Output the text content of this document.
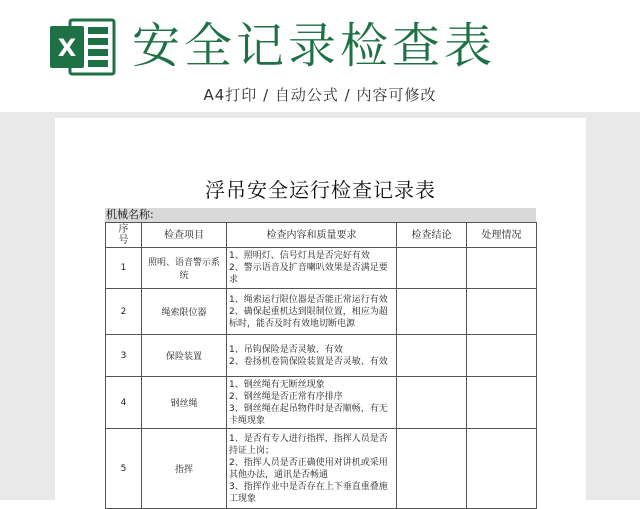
X 安全记录检查表
A4打印 / 自动公式 / 内容可修改
浮吊安全运行检查记录表
机械名称:
序号	检查项目	检查内容和质量要求	检查结论	处理情况
1	照明、语音警示系统	1、照明灯、信号灯具是否完好有效
2、警示语音及扩音喇叭效果是否满足要求		

2	绳索限位器	1、绳索运行限位器是否能正常运行有效
2、确保起重机达到限制位置，相应为超标时，能否及时有效地切断电源		

3	保险装置	1、吊钩保险是否灵敏、有效
2、卷扬机卷筒保险装置是否灵敏、有效		

4	钢丝绳	1、钢丝绳有无断丝现象
2、钢丝绳是否正常有序排序
3、钢丝绳在起吊物件时是否顺畅，有无卡绳现象		

5	指挥	1、是否有专人进行指挥，指挥人员是否持证上岗；
2、指挥人员是否正确使用对讲机或采用其他办法，通讯是否畅通
3、指挥作业中是否存在上下垂直重叠施工现象		
